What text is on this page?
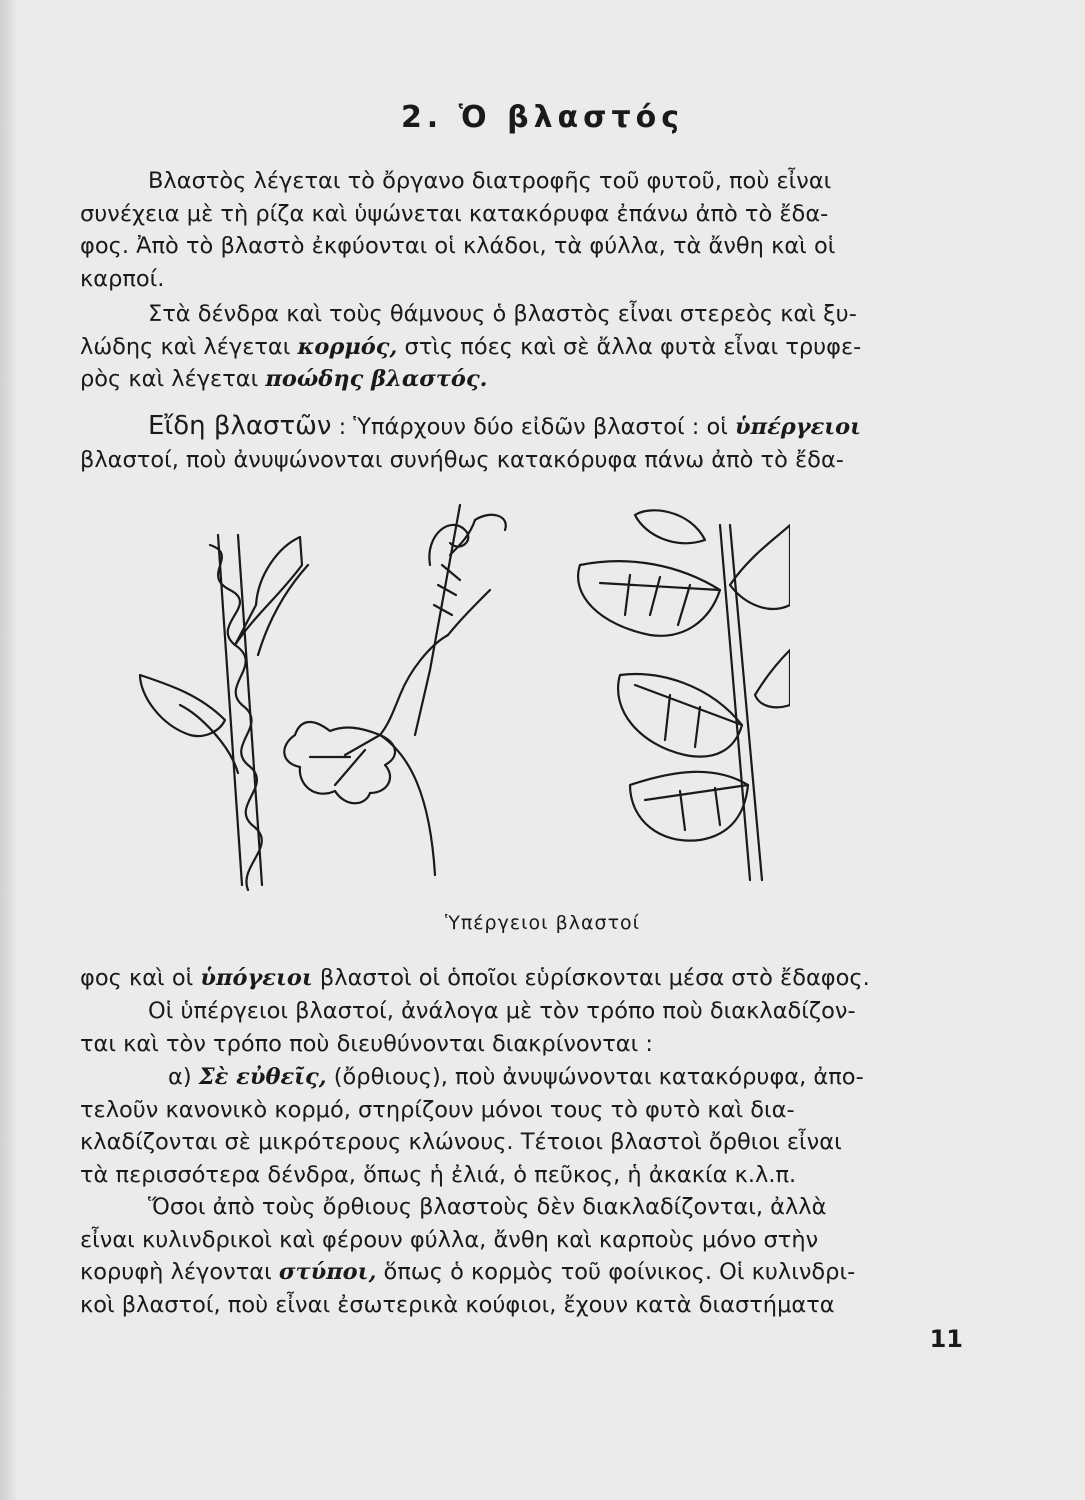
2. Ὁ βλαστός
Βλαστὸς λέγεται τὸ ὄργανο διατροφῆς τοῦ φυτοῦ, ποὺ εἶναι
συνέχεια μὲ τὴ ρίζα καὶ ὑψώνεται κατακόρυφα ἐπάνω ἀπὸ τὸ ἔδα-
φος. Ἀπὸ τὸ βλαστὸ ἐκφύονται οἱ κλάδοι, τὰ φύλλα, τὰ ἄνθη καὶ οἱ
καρποί.
Στὰ δένδρα καὶ τοὺς θάμνους ὁ βλαστὸς εἶναι στερεὸς καὶ ξυ-
λώδης καὶ λέγεται κορμός, στὶς πόες καὶ σὲ ἄλλα φυτὰ εἶναι τρυφε-
ρὸς καὶ λέγεται ποώδης βλαστός.
Εἴδη βλαστῶν : Ὑπάρχουν δύο εἰδῶν βλαστοί : οἱ ὑπέργειοι
βλαστοί, ποὺ ἀνυψώνονται συνήθως κατακόρυφα πάνω ἀπὸ τὸ ἔδα-
Ὑπέργειοι βλαστοί
φος καὶ οἱ ὑπόγειοι βλαστοὶ οἱ ὁποῖοι εὑρίσκονται μέσα στὸ ἔδαφος.
Οἱ ὑπέργειοι βλαστοί, ἀνάλογα μὲ τὸν τρόπο ποὺ διακλαδίζον-
ται καὶ τὸν τρόπο ποὺ διευθύνονται διακρίνονται :
α) Σὲ εὐθεῖς, (ὄρθιους), ποὺ ἀνυψώνονται κατακόρυφα, ἀπο-
τελοῦν κανονικὸ κορμό, στηρίζουν μόνοι τους τὸ φυτὸ καὶ δια-
κλαδίζονται σὲ μικρότερους κλώνους. Τέτοιοι βλαστοὶ ὄρθιοι εἶναι
τὰ περισσότερα δένδρα, ὅπως ἡ ἐλιά, ὁ πεῦκος, ἡ ἀκακία κ.λ.π.
Ὅσοι ἀπὸ τοὺς ὄρθιους βλαστοὺς δὲν διακλαδίζονται, ἀλλὰ
εἶναι κυλινδρικοὶ καὶ φέρουν φύλλα, ἄνθη καὶ καρποὺς μόνο στὴν
κορυφὴ λέγονται στύποι, ὅπως ὁ κορμὸς τοῦ φοίνικος. Οἱ κυλινδρι-
κοὶ βλαστοί, ποὺ εἶναι ἐσωτερικὰ κούφιοι, ἔχουν κατὰ διαστήματα
11
